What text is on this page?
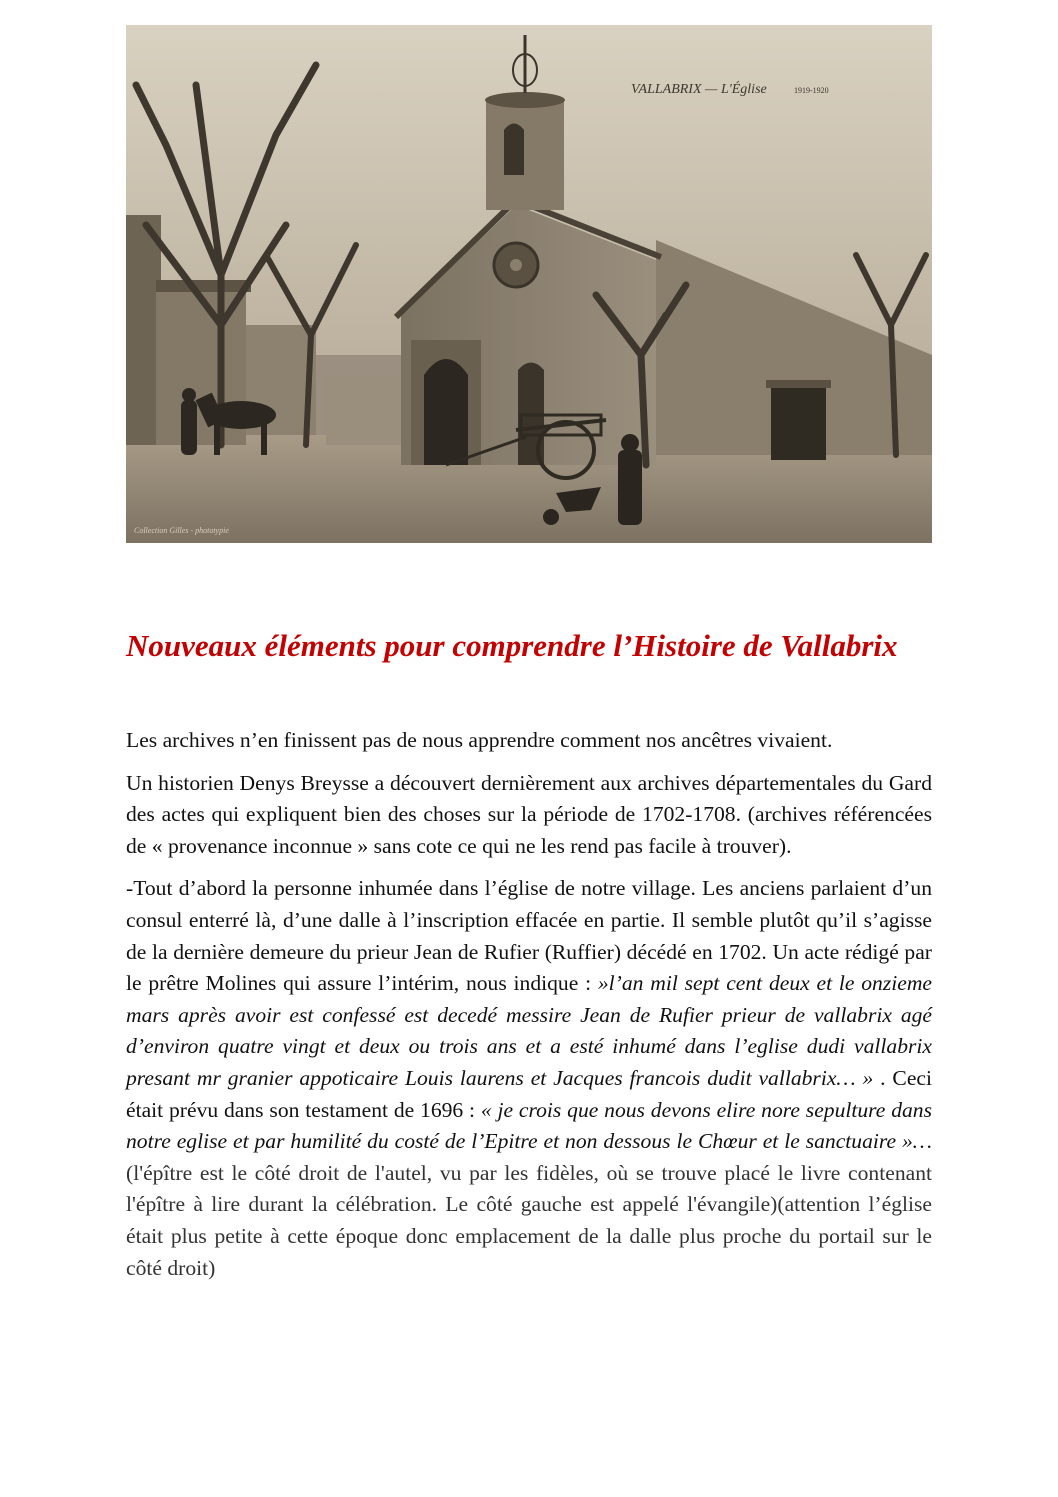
VALLABRIX — L'Église	1919-1920
Collection Gilles - phototypie
Nouveaux éléments pour comprendre l’Histoire de Vallabrix

Les archives n’en finissent pas de nous apprendre comment nos ancêtres vivaient.

Un historien Denys Breysse a découvert dernièrement aux archives départementales du Gard des actes qui expliquent bien des choses sur la période de 1702-1708. (archives référencées de « provenance inconnue » sans cote ce qui ne les rend pas facile à trouver).

-Tout d’abord la personne inhumée dans l’église de notre village. Les anciens parlaient d’un consul enterré là, d’une dalle à l’inscription effacée en partie. Il semble plutôt qu’il s’agisse de la dernière demeure du prieur Jean de Rufier (Ruffier) décédé en 1702. Un acte rédigé par le prêtre Molines qui assure l’intérim, nous indique : »l’an mil sept cent deux et le onzieme mars après avoir est confessé est decedé messire Jean de Rufier prieur de vallabrix agé d’environ quatre vingt et deux ou trois ans et a esté inhumé dans l’eglise dudi vallabrix presant mr granier appoticaire Louis laurens et Jacques francois dudit vallabrix… » . Ceci était prévu dans son testament de 1696 : « je crois que nous devons elire nore sepulture dans notre eglise et par humilité du costé de l’Epitre et non dessous le Chœur et le sanctuaire »… (l'épître est le côté droit de l'autel, vu par les fidèles, où se trouve placé le livre contenant l'épître à lire durant la célébration. Le côté gauche est appelé l'évangile)(attention l’église était plus petite à cette époque donc emplacement de la dalle plus proche du portail sur le côté droit)
